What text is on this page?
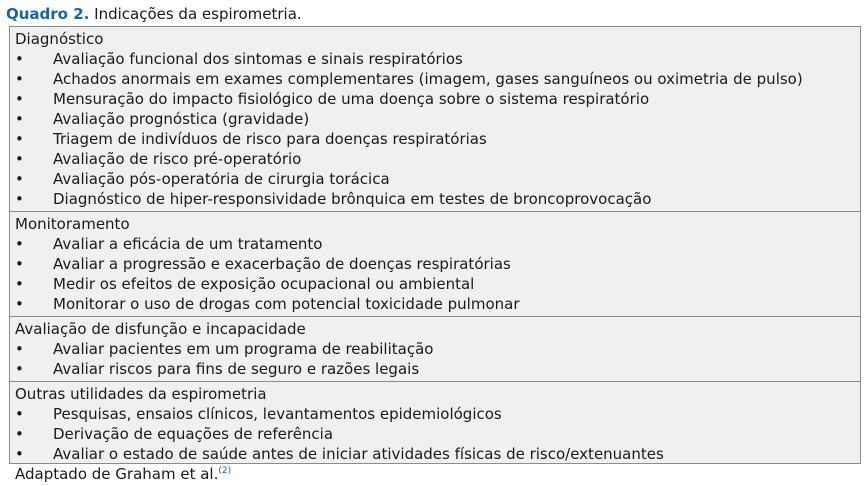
Quadro 2. Indicações da espirometria.
Diagnóstico
• Avaliação funcional dos sintomas e sinais respiratórios
• Achados anormais em exames complementares (imagem, gases sanguíneos ou oximetria de pulso)
• Mensuração do impacto fisiológico de uma doença sobre o sistema respiratório
• Avaliação prognóstica (gravidade)
• Triagem de indivíduos de risco para doenças respiratórias
• Avaliação de risco pré-operatório
• Avaliação pós-operatória de cirurgia torácica
• Diagnóstico de hiper-responsividade brônquica em testes de broncoprovocação
Monitoramento
• Avaliar a eficácia de um tratamento
• Avaliar a progressão e exacerbação de doenças respiratórias
• Medir os efeitos de exposição ocupacional ou ambiental
• Monitorar o uso de drogas com potencial toxicidade pulmonar
Avaliação de disfunção e incapacidade
• Avaliar pacientes em um programa de reabilitação
• Avaliar riscos para fins de seguro e razões legais
Outras utilidades da espirometria
• Pesquisas, ensaios clínicos, levantamentos epidemiológicos
• Derivação de equações de referência
• Avaliar o estado de saúde antes de iniciar atividades físicas de risco/extenuantes
Adaptado de Graham et al.$^{(2)}$
